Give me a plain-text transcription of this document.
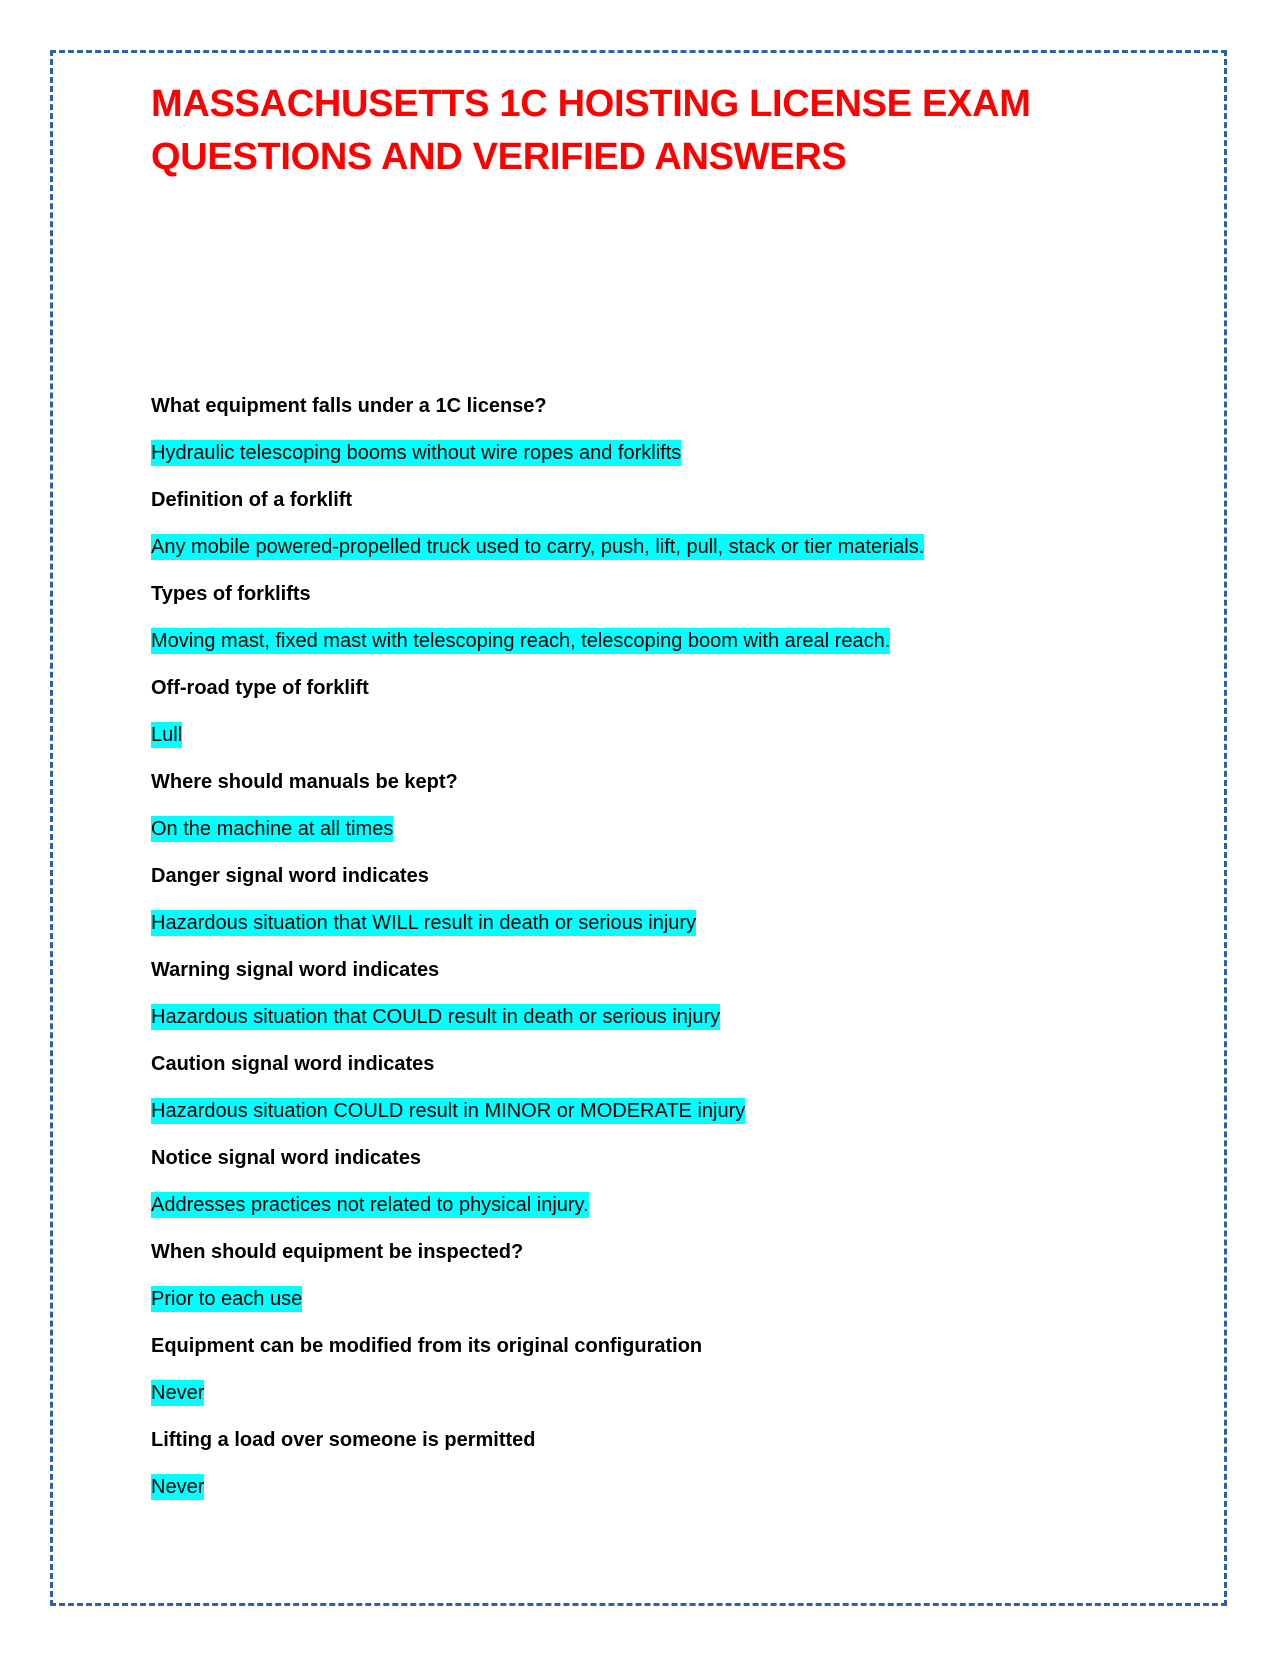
MASSACHUSETTS 1C HOISTING LICENSE EXAM
QUESTIONS AND VERIFIED ANSWERS
What equipment falls under a 1C license?
Hydraulic telescoping booms without wire ropes and forklifts
Definition of a forklift
Any mobile powered-propelled truck used to carry, push, lift, pull, stack or tier materials.
Types of forklifts
Moving mast, fixed mast with telescoping reach, telescoping boom with areal reach.
Off-road type of forklift
Lull
Where should manuals be kept?
On the machine at all times
Danger signal word indicates
Hazardous situation that WILL result in death or serious injury
Warning signal word indicates
Hazardous situation that COULD result in death or serious injury
Caution signal word indicates
Hazardous situation COULD result in MINOR or MODERATE injury
Notice signal word indicates
Addresses practices not related to physical injury.
When should equipment be inspected?
Prior to each use
Equipment can be modified from its original configuration
Never
Lifting a load over someone is permitted
Never
